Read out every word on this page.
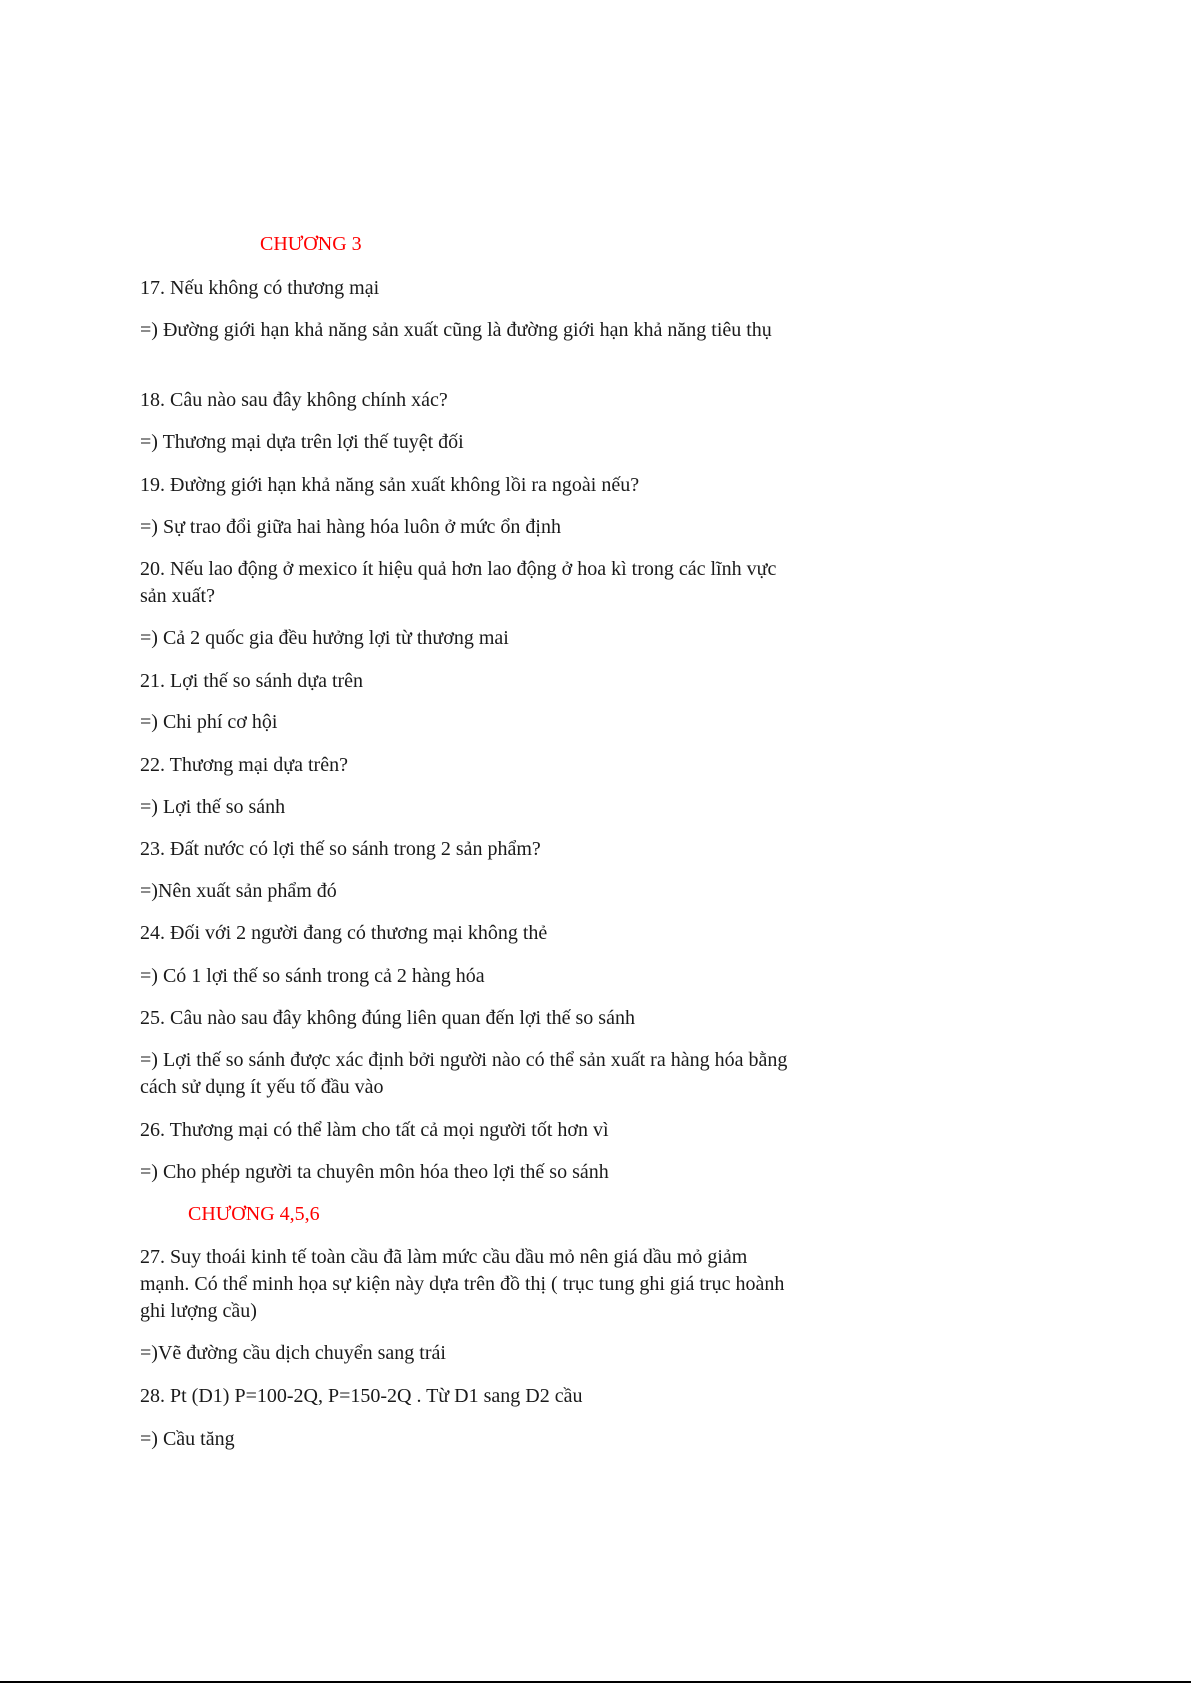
CHƯƠNG 3
17. Nếu không có thương mại
=) Đường giới hạn khả năng sản xuất cũng là đường giới hạn khả năng tiêu thụ
18. Câu nào sau đây không chính xác?
=) Thương mại dựa trên lợi thế tuyệt đối
19. Đường giới hạn khả năng sản xuất không lồi ra ngoài nếu?
=) Sự trao đổi giữa hai hàng hóa luôn ở mức ổn định
20. Nếu lao động ở mexico ít hiệu quả hơn lao động ở hoa kì trong các lĩnh vực sản xuất?
=) Cả 2 quốc gia đều hưởng lợi từ thương mai
21. Lợi thế so sánh dựa trên
=) Chi phí cơ hội
22. Thương mại dựa trên?
=) Lợi thế so sánh
23. Đất nước có lợi thế so sánh trong 2 sản phẩm?
=)Nên xuất sản phẩm đó
24. Đối với 2 người đang có thương mại không thẻ
=) Có 1 lợi thế so sánh trong cả 2 hàng hóa
25. Câu nào sau đây không đúng liên quan đến lợi thế so sánh
=) Lợi thế so sánh được xác định bởi người nào có thể sản xuất ra hàng hóa bằng cách sử dụng ít yếu tố đầu vào
26. Thương mại có thể làm cho tất cả mọi người tốt hơn vì
=) Cho phép người ta chuyên môn hóa theo lợi thế so sánh
CHƯƠNG 4,5,6
27. Suy thoái kinh tế toàn cầu đã làm mức cầu dầu mỏ nên giá dầu mỏ giảm mạnh. Có thể minh họa sự kiện này dựa trên đồ thị ( trục tung ghi giá trục hoành ghi lượng cầu)
=)Vẽ đường cầu dịch chuyển sang trái
28. Pt (D1) P=100-2Q, P=150-2Q . Từ D1 sang D2 cầu
=) Cầu tăng
